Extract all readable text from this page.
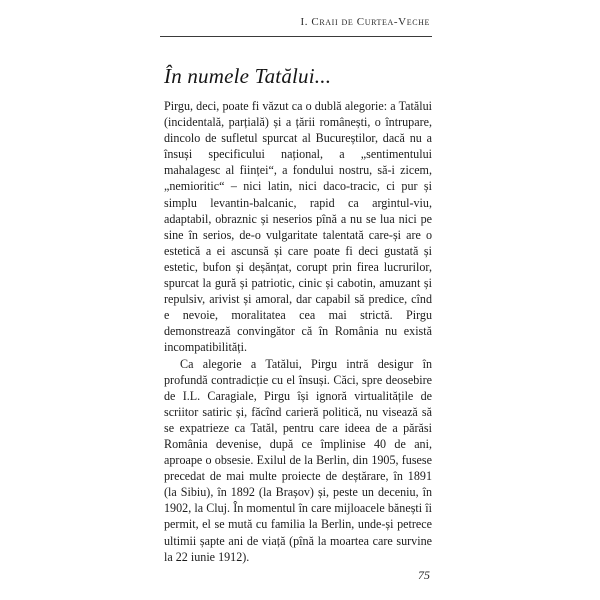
I. Craii de Curtea-Veche
În numele Tatălui...

Pirgu, deci, poate fi văzut ca o dublă alegorie: a Tatălui (incidentală, parțială) și a țării românești, o întrupare, dincolo de sufletul spurcat al Bucureștilor, dacă nu a însuși specificului național, a „sentimentului mahalagesc al ființei“, a fondului nostru, să-i zicem, „nemioritic“ – nici latin, nici daco-tracic, ci pur și simplu levantin-balcanic, rapid ca argintul-viu, adaptabil, obraznic și neserios pînă a nu se lua nici pe sine în serios, de-o vulgaritate talentată care-și are o estetică a ei ascunsă și care poate fi deci gustată și estetic, bufon și deșănțat, corupt prin firea lucrurilor, spurcat la gură și patriotic, cinic și cabotin, amuzant și repulsiv, arivist și amoral, dar capabil să predice, cînd e nevoie, moralitatea cea mai strictă. Pirgu demonstrează convingător că în România nu există incompatibilități.

Ca alegorie a Tatălui, Pirgu intră desigur în profundă contradicție cu el însuși. Căci, spre deosebire de I.L. Caragiale, Pirgu își ignoră virtualitățile de scriitor satiric și, făcînd carieră politică, nu visează să se expatrieze ca Tatăl, pentru care ideea de a părăsi România devenise, după ce împlinise 40 de ani, aproape o obsesie. Exilul de la Berlin, din 1905, fusese precedat de mai multe proiecte de deștărare, în 1891 (la Sibiu), în 1892 (la Brașov) și, peste un deceniu, în 1902, la Cluj. În momentul în care mijloacele bănești îi permit, el se mută cu familia la Berlin, unde-și petrece ultimii șapte ani de viață (pînă la moartea care survine la 22 iunie 1912).

75
